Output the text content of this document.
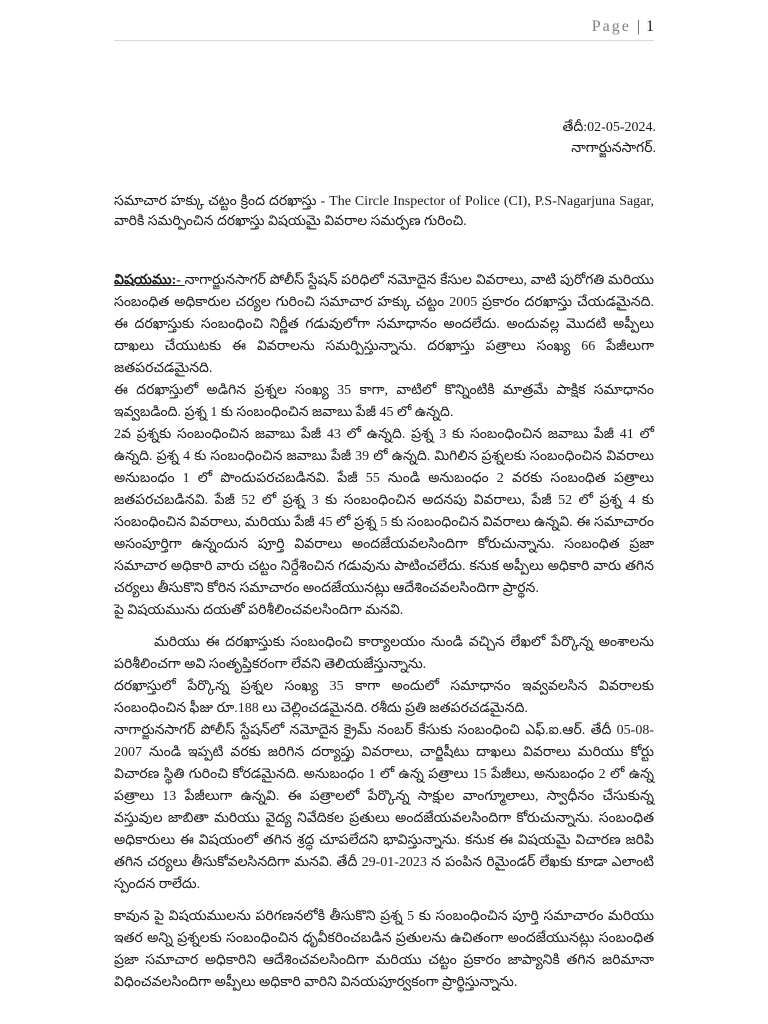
Page | 1
తేదీ:02-05-2024.
నాగార్జునసాగర్.
సమాచార హక్కు చట్టం క్రింద దరఖాస్తు - The Circle Inspector of Police (CI), P.S-Nagarjuna Sagar, వారికి సమర్పించిన దరఖాస్తు విషయమై వివరాల సమర్పణ గురించి.

విషయము:- నాగార్జునసాగర్ పోలీస్ స్టేషన్ పరిధిలో నమోదైన కేసుల వివరాలు, వాటి పురోగతి మరియు సంబంధిత అధికారుల చర్యల గురించి సమాచార హక్కు చట్టం 2005 ప్రకారం దరఖాస్తు చేయడమైనది. ఈ దరఖాస్తుకు సంబంధించి నిర్ణీత గడువులోగా సమాధానం అందలేదు. అందువల్ల మొదటి అప్పీలు దాఖలు చేయుటకు ఈ వివరాలను సమర్పిస్తున్నాను. దరఖాస్తు పత్రాలు సంఖ్య 66 పేజీలుగా జతపరచడమైనది.

ఈ దరఖాస్తులో అడిగిన ప్రశ్నల సంఖ్య 35 కాగా, వాటిలో కొన్నింటికి మాత్రమే పాక్షిక సమాధానం ఇవ్వబడింది. ప్రశ్న 1 కు సంబంధించిన జవాబు పేజీ 45 లో ఉన్నది.

2వ ప్రశ్నకు సంబంధించిన జవాబు పేజీ 43 లో ఉన్నది. ప్రశ్న 3 కు సంబంధించిన జవాబు పేజీ 41 లో ఉన్నది. ప్రశ్న 4 కు సంబంధించిన జవాబు పేజీ 39 లో ఉన్నది. మిగిలిన ప్రశ్నలకు సంబంధించిన వివరాలు అనుబంధం 1 లో పొందుపరచబడినవి. పేజీ 55 నుండి అనుబంధం 2 వరకు సంబంధిత పత్రాలు జతపరచబడినవి. పేజీ 52 లో ప్రశ్న 3 కు సంబంధించిన అదనపు వివరాలు, పేజీ 52 లో ప్రశ్న 4 కు సంబంధించిన వివరాలు, మరియు పేజీ 45 లో ప్రశ్న 5 కు సంబంధించిన వివరాలు ఉన్నవి. ఈ సమాచారం అసంపూర్తిగా ఉన్నందున పూర్తి వివరాలు అందజేయవలసిందిగా కోరుచున్నాను. సంబంధిత ప్రజా సమాచార అధికారి వారు చట్టం నిర్దేశించిన గడువును పాటించలేదు. కనుక అప్పీలు అధికారి వారు తగిన చర్యలు తీసుకొని కోరిన సమాచారం అందజేయునట్లు ఆదేశించవలసిందిగా ప్రార్థన.

పై విషయమును దయతో పరిశీలించవలసిందిగా మనవి.

మరియు ఈ దరఖాస్తుకు సంబంధించి కార్యాలయం నుండి వచ్చిన లేఖలో పేర్కొన్న అంశాలను పరిశీలించగా అవి సంతృప్తికరంగా లేవని తెలియజేస్తున్నాను.

దరఖాస్తులో పేర్కొన్న ప్రశ్నల సంఖ్య 35 కాగా అందులో సమాధానం ఇవ్వవలసిన వివరాలకు సంబంధించిన ఫీజు రూ.188 లు చెల్లించడమైనది. రశీదు ప్రతి జతపరచడమైనది.

నాగార్జునసాగర్ పోలీస్ స్టేషన్‌లో నమోదైన క్రైమ్ నంబర్ కేసుకు సంబంధించి ఎఫ్.ఐ.ఆర్. తేదీ 05-08-2007 నుండి ఇప్పటి వరకు జరిగిన దర్యాప్తు వివరాలు, చార్జిషీటు దాఖలు వివరాలు మరియు కోర్టు విచారణ స్థితి గురించి కోరడమైనది. అనుబంధం 1 లో ఉన్న పత్రాలు 15 పేజీలు, అనుబంధం 2 లో ఉన్న పత్రాలు 13 పేజీలుగా ఉన్నవి. ఈ పత్రాలలో పేర్కొన్న సాక్షుల వాంగ్మూలాలు, స్వాధీనం చేసుకున్న వస్తువుల జాబితా మరియు వైద్య నివేదికల ప్రతులు అందజేయవలసిందిగా కోరుచున్నాను. సంబంధిత అధికారులు ఈ విషయంలో తగిన శ్రద్ధ చూపలేదని భావిస్తున్నాను. కనుక ఈ విషయమై విచారణ జరిపి తగిన చర్యలు తీసుకోవలసినదిగా మనవి. తేదీ 29-01-2023 న పంపిన రిమైండర్ లేఖకు కూడా ఎలాంటి స్పందన రాలేదు.

కావున పై విషయములను పరిగణనలోకి తీసుకొని ప్రశ్న 5 కు సంబంధించిన పూర్తి సమాచారం మరియు ఇతర అన్ని ప్రశ్నలకు సంబంధించిన ధృవీకరించబడిన ప్రతులను ఉచితంగా అందజేయునట్లు సంబంధిత ప్రజా సమాచార అధికారిని ఆదేశించవలసిందిగా మరియు చట్టం ప్రకారం జాప్యానికి తగిన జరిమానా విధించవలసిందిగా అప్పీలు అధికారి వారిని వినయపూర్వకంగా ప్రార్థిస్తున్నాను.
